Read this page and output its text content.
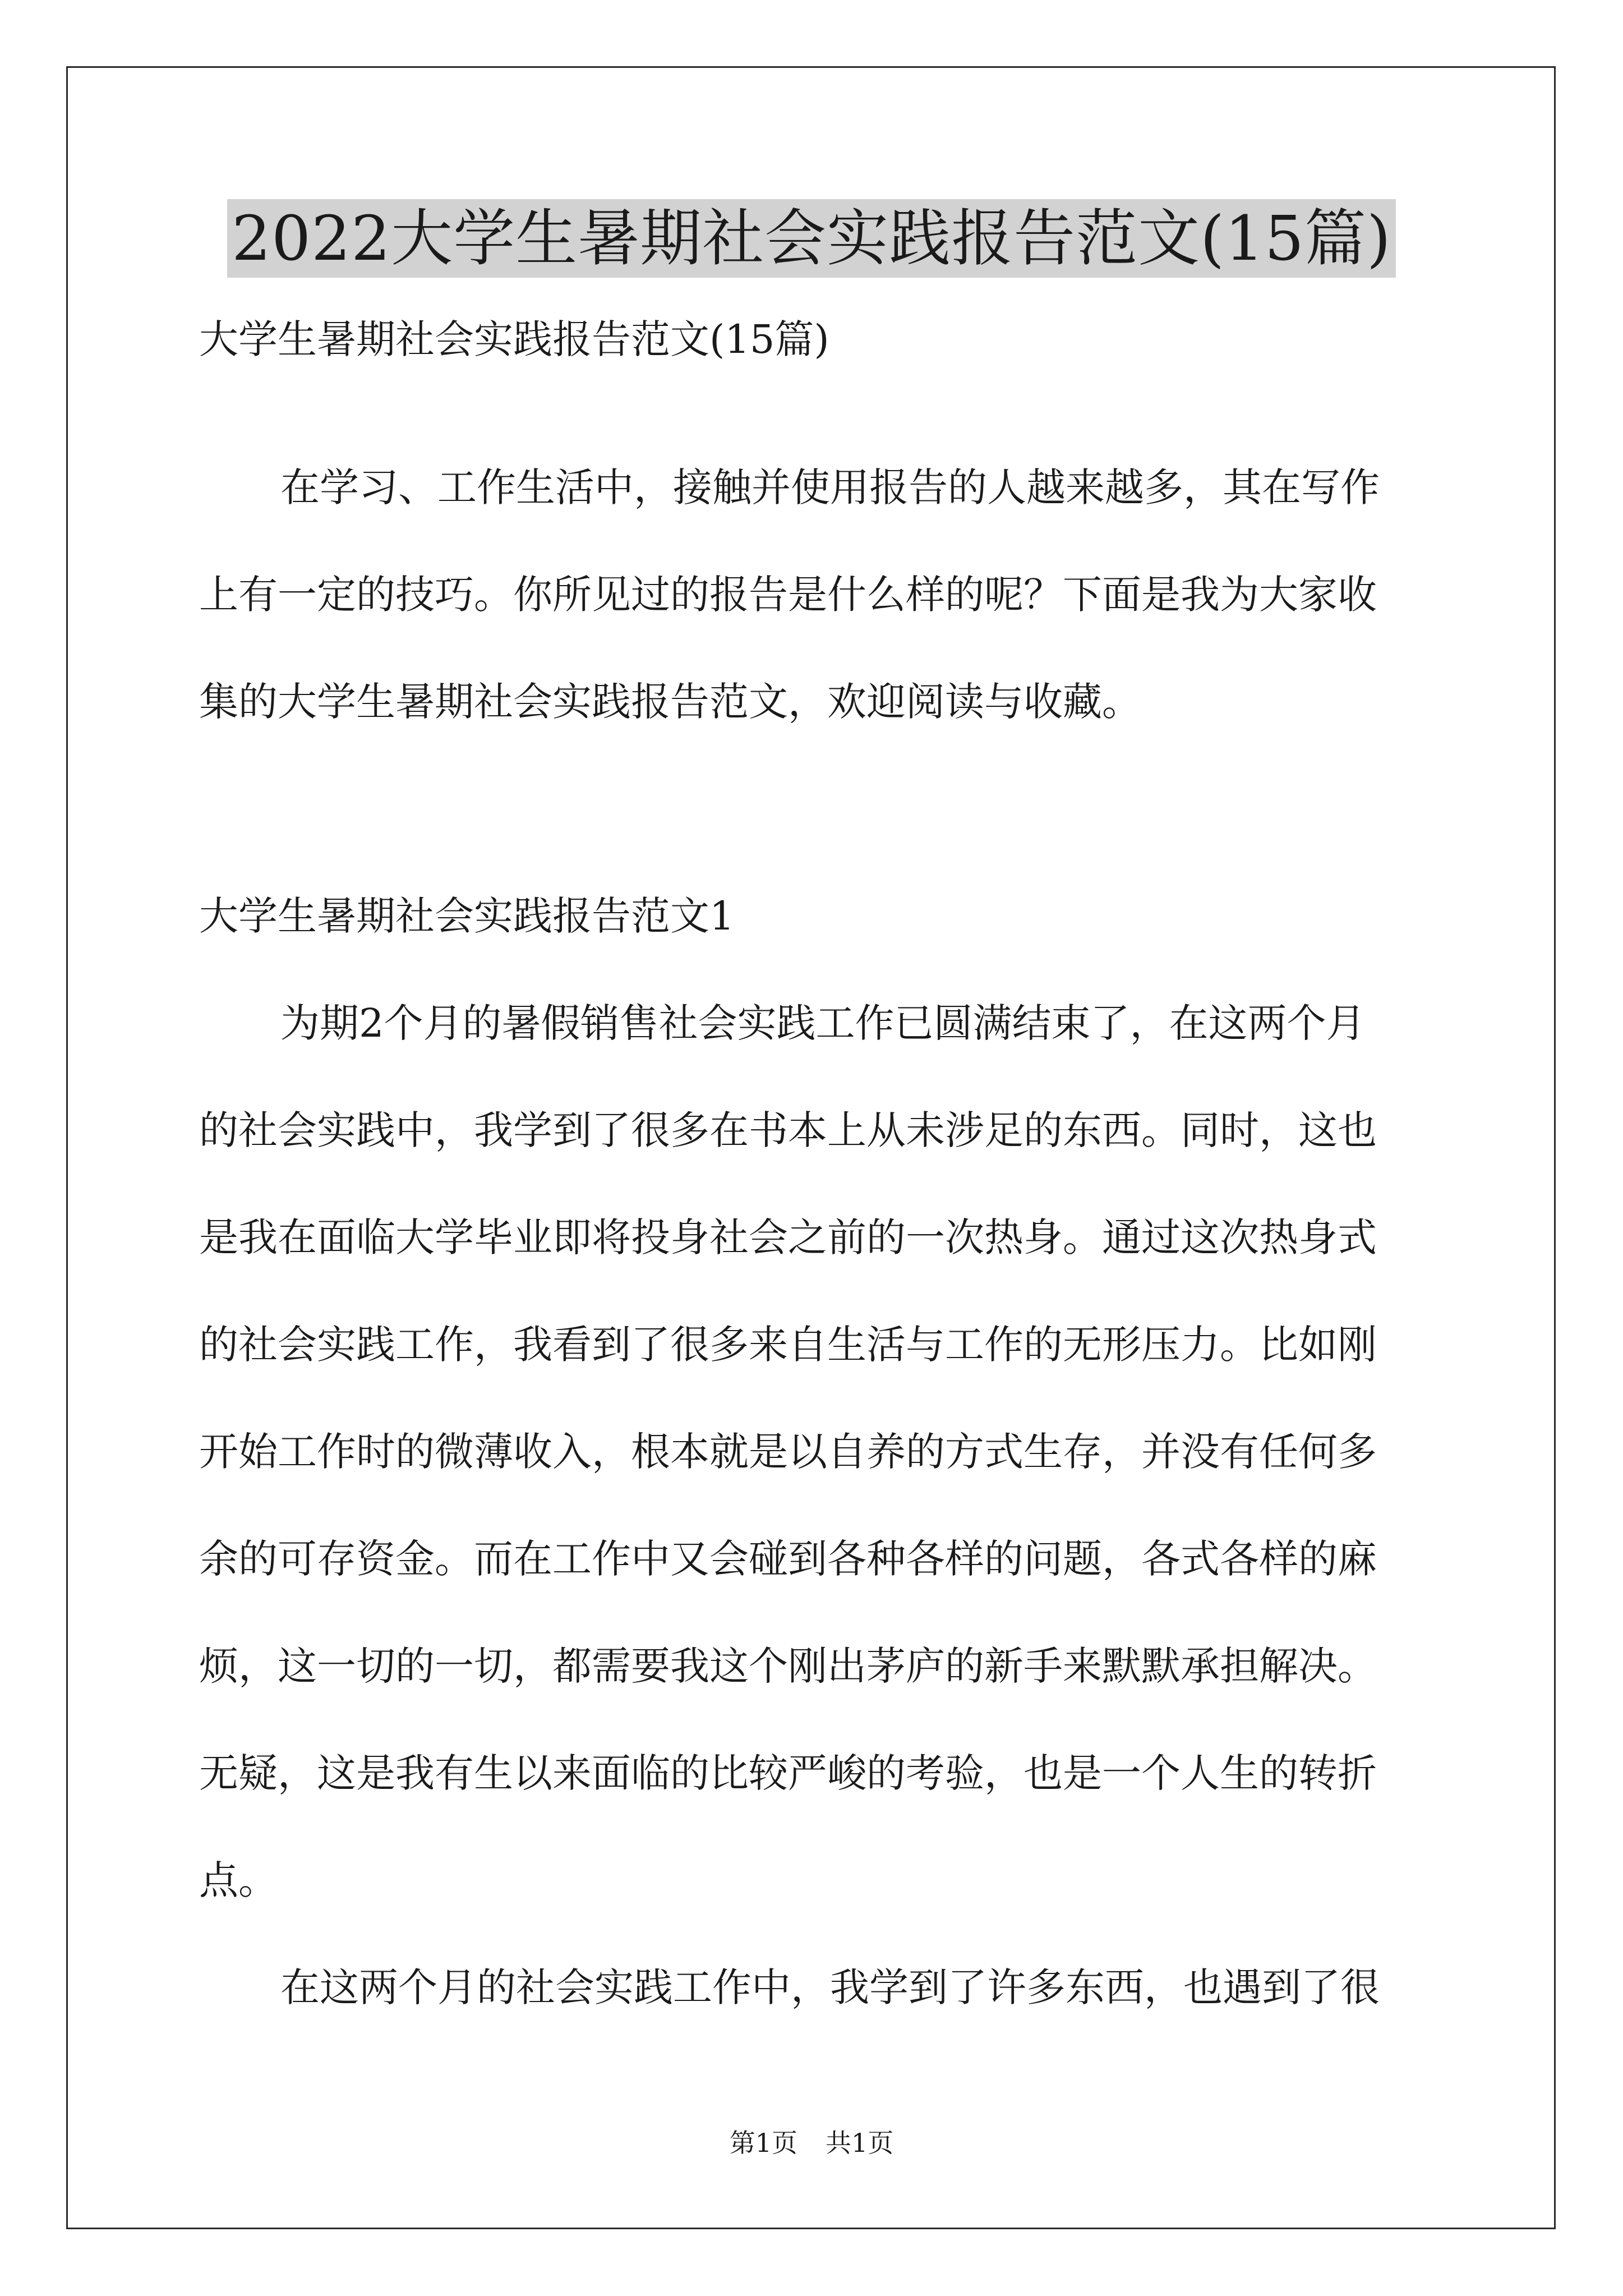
2022大学生暑期社会实践报告范文(15篇)
大学生暑期社会实践报告范文(15篇)
在学习、工作生活中，接触并使用报告的人越来越多，其在写作
上有一定的技巧。你所见过的报告是什么样的呢？下面是我为大家收
集的大学生暑期社会实践报告范文，欢迎阅读与收藏。
大学生暑期社会实践报告范文1
为期2个月的暑假销售社会实践工作已圆满结束了，在这两个月
的社会实践中，我学到了很多在书本上从未涉足的东西。同时，这也
是我在面临大学毕业即将投身社会之前的一次热身。通过这次热身式
的社会实践工作，我看到了很多来自生活与工作的无形压力。比如刚
开始工作时的微薄收入，根本就是以自养的方式生存，并没有任何多
余的可存资金。而在工作中又会碰到各种各样的问题，各式各样的麻
烦，这一切的一切，都需要我这个刚出茅庐的新手来默默承担解决。
无疑，这是我有生以来面临的比较严峻的考验，也是一个人生的转折
点。
在这两个月的社会实践工作中，我学到了许多东西，也遇到了很
第1页 共1页
